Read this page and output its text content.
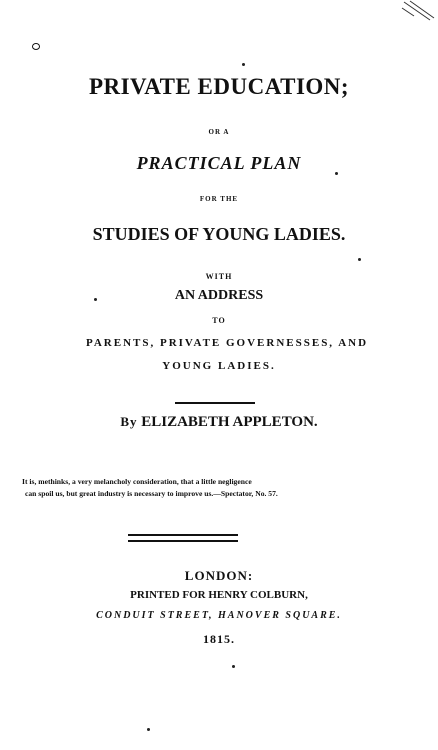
PRIVATE EDUCATION;
OR A
PRACTICAL PLAN
FOR THE
STUDIES OF YOUNG LADIES.
WITH
AN ADDRESS
TO
PARENTS, PRIVATE GOVERNESSES, AND
YOUNG LADIES.
By ELIZABETH APPLETON.
It is, methinks, a very melancholy consideration, that a little negligence
can spoil us, but great industry is necessary to improve us.—Spectator, No. 57.
LONDON:
PRINTED FOR HENRY COLBURN,
CONDUIT STREET, HANOVER SQUARE.
1815.
